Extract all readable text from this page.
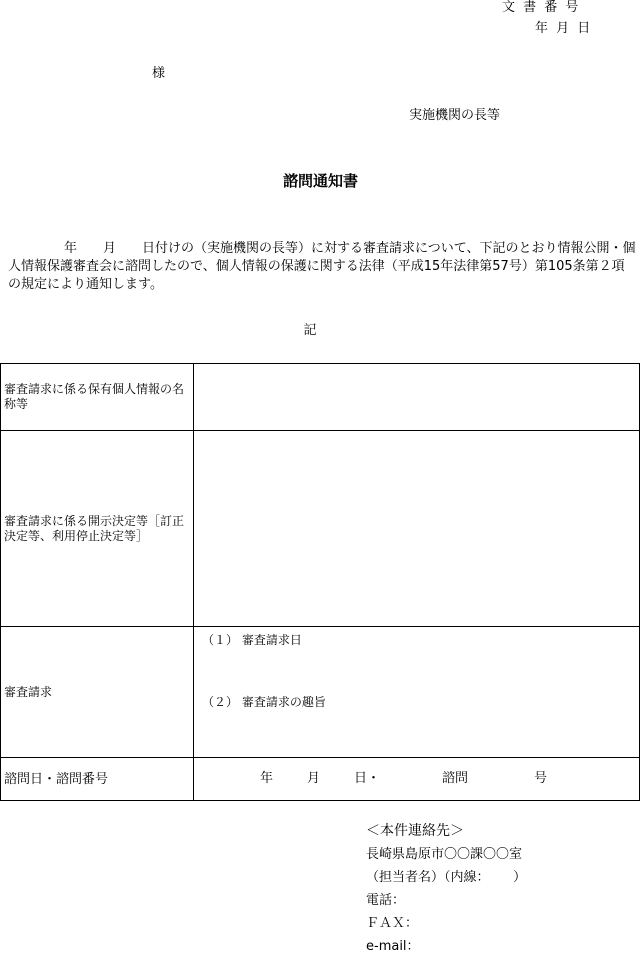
文 書 番 号
年 月 日
様
実施機関の長等
諮問通知書
年　　月　　日付けの（実施機関の長等）に対する審査請求について、下記のとおり情報公開・個人情報保護審査会に諮問したので、個人情報の保護に関する法律（平成15年法律第57号）第105条第２項の規定により通知します。
記
審査請求に係る保有個人情報の名称等	
審査請求に係る開示決定等［訂正決定等、利用停止決定等］	
審査請求	（１） 審査請求日
（２） 審査請求の趣旨

諮問日・諮問番号	年 月 日・ 諮問 号
＜本件連絡先＞
長崎県島原市〇〇課〇〇室
（担当者名）（内線：　　 ）
電話：
ＦＡＸ：
e-mail：
